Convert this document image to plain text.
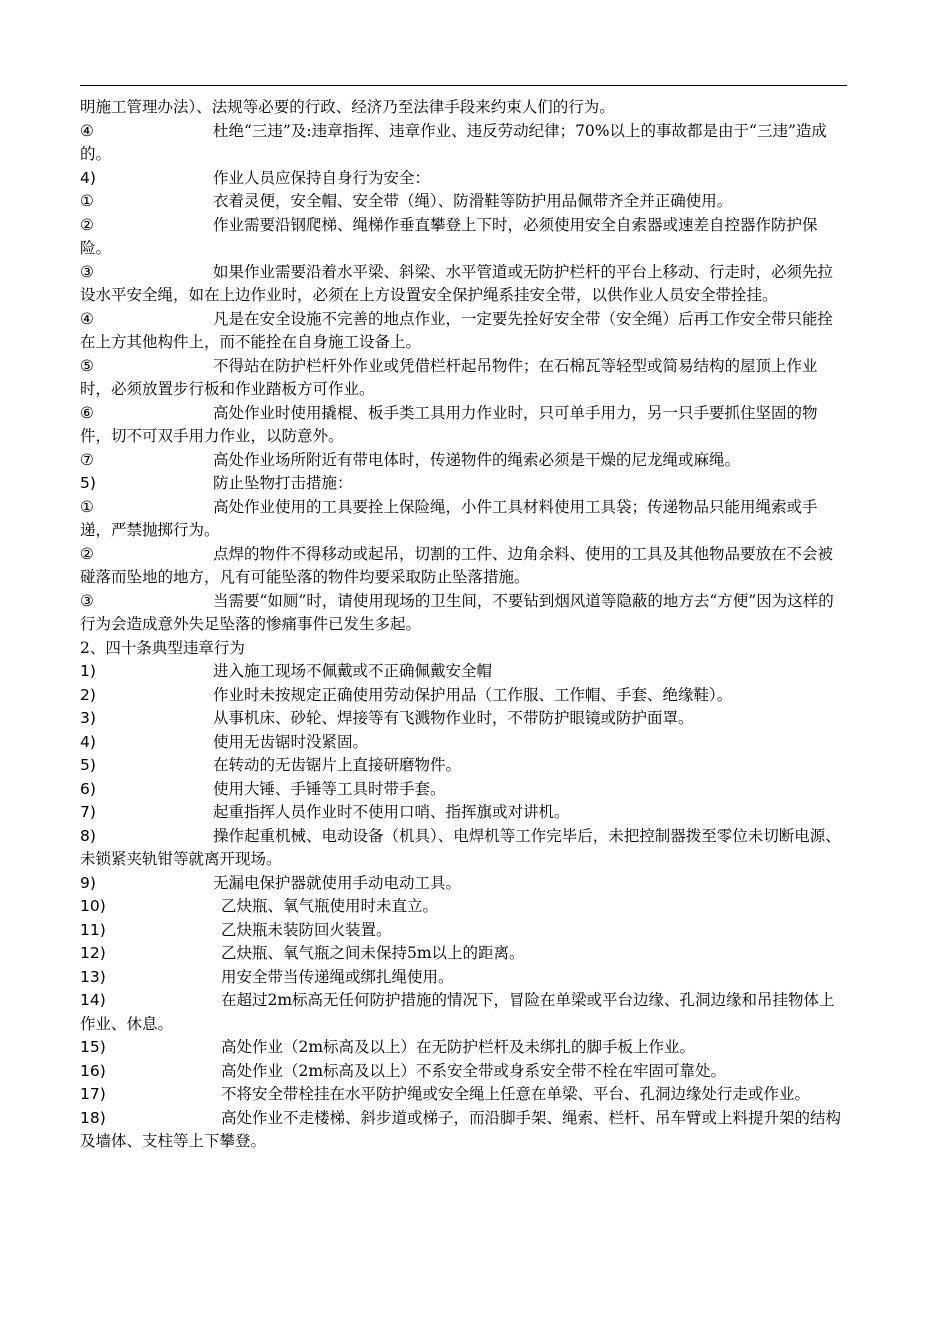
明施工管理办法）、法规等必要的行政、经济乃至法律手段来约束人们的行为。

④	杜绝“三违”及:违章指挥、违章作业、违反劳动纪律；70%以上的事故都是由于“三违”造成的。

4)	作业人员应保持自身行为安全：

①	衣着灵便，安全帽、安全带（绳）、防滑鞋等防护用品佩带齐全并正确使用。

②	作业需要沿钢爬梯、绳梯作垂直攀登上下时，必须使用安全自索器或速差自控器作防护保险。

③	如果作业需要沿着水平梁、斜梁、水平管道或无防护栏杆的平台上移动、行走时，必须先拉设水平安全绳，如在上边作业时，必须在上方设置安全保护绳系挂安全带，以供作业人员安全带拴挂。

④	凡是在安全设施不完善的地点作业，一定要先拴好安全带（安全绳）后再工作安全带只能拴在上方其他构件上，而不能拴在自身施工设备上。

⑤	不得站在防护栏杆外作业或凭借栏杆起吊物件；在石棉瓦等轻型或简易结构的屋顶上作业时，必须放置步行板和作业踏板方可作业。

⑥	高处作业时使用撬棍、板手类工具用力作业时，只可单手用力，另一只手要抓住坚固的物件，切不可双手用力作业，以防意外。

⑦	高处作业场所附近有带电体时，传递物件的绳索必须是干燥的尼龙绳或麻绳。

5)	防止坠物打击措施：

①	高处作业使用的工具要拴上保险绳，小件工具材料使用工具袋；传递物品只能用绳索或手递，严禁抛掷行为。

②	点焊的物件不得移动或起吊，切割的工件、边角余料、使用的工具及其他物品要放在不会被碰落而坠地的地方，凡有可能坠落的物件均要采取防止坠落措施。

③	当需要“如厕”时，请使用现场的卫生间，不要钻到烟风道等隐蔽的地方去“方便”因为这样的行为会造成意外失足坠落的惨痛事件已发生多起。

2、四十条典型违章行为

1)	进入施工现场不佩戴或不正确佩戴安全帽

2)	作业时未按规定正确使用劳动保护用品（工作服、工作帽、手套、绝缘鞋）。

3)	从事机床、砂轮、焊接等有飞溅物作业时，不带防护眼镜或防护面罩。

4)	使用无齿锯时没紧固。

5)	在转动的无齿锯片上直接研磨物件。

6)	使用大锤、手锤等工具时带手套。

7)	起重指挥人员作业时不使用口哨、指挥旗或对讲机。

8)	操作起重机械、电动设备（机具）、电焊机等工作完毕后，未把控制器拨至零位未切断电源、未锁紧夹轨钳等就离开现场。

9)	无漏电保护器就使用手动电动工具。

10)	乙炔瓶、氧气瓶使用时未直立。

11)	乙炔瓶未装防回火装置。

12)	乙炔瓶、氧气瓶之间未保持5m以上的距离。

13)	用安全带当传递绳或绑扎绳使用。

14)	在超过2m标高无任何防护措施的情况下，冒险在单梁或平台边缘、孔洞边缘和吊挂物体上作业、休息。

15)	高处作业（2m标高及以上）在无防护栏杆及未绑扎的脚手板上作业。

16)	高处作业（2m标高及以上）不系安全带或身系安全带不栓在牢固可靠处。

17)	不将安全带栓挂在水平防护绳或安全绳上任意在单梁、平台、孔洞边缘处行走或作业。

18)	高处作业不走楼梯、斜步道或梯子，而沿脚手架、绳索、栏杆、吊车臂或上料提升架的结构及墙体、支柱等上下攀登。
